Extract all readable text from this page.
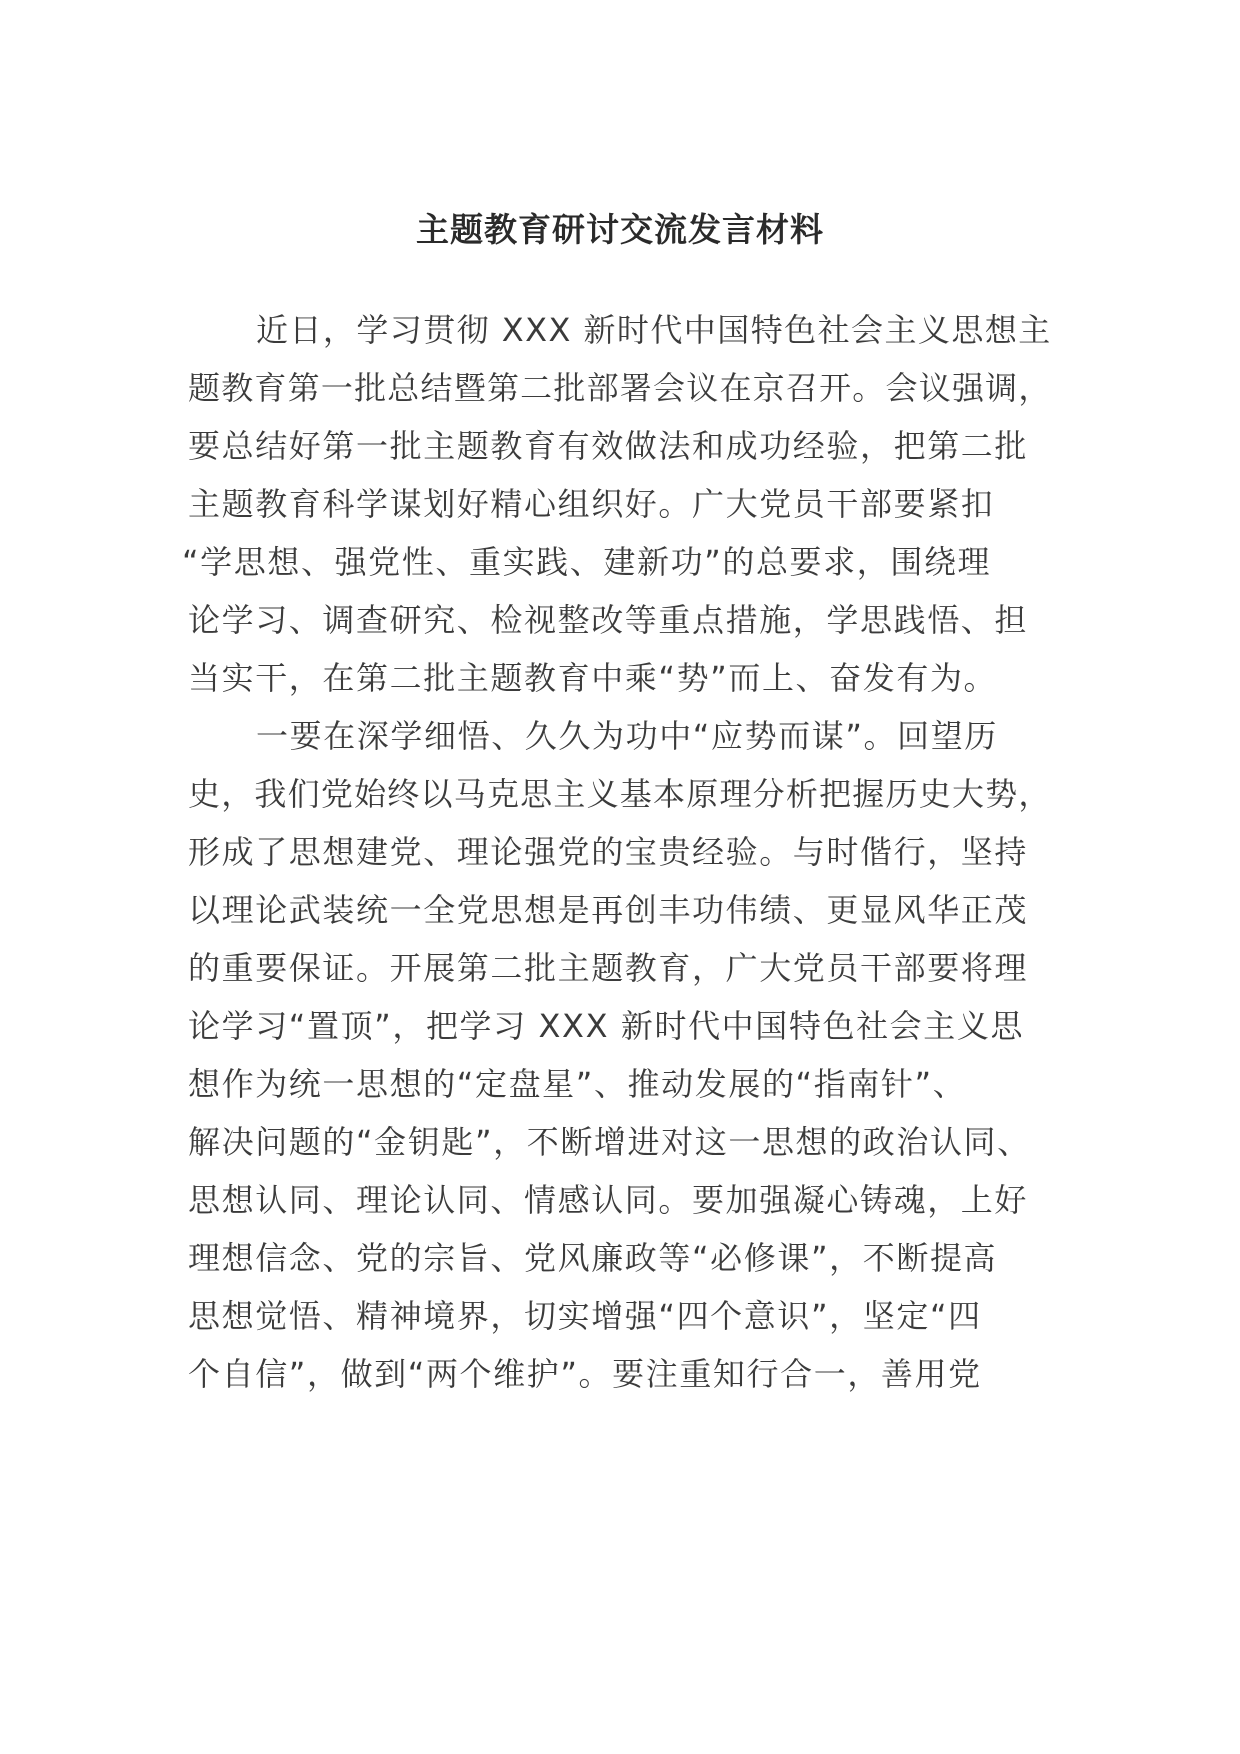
主题教育研讨交流发言材料
近日，学习贯彻 XXX 新时代中国特色社会主义思想主
题教育第一批总结暨第二批部署会议在京召开。会议强调，
要总结好第一批主题教育有效做法和成功经验，把第二批
主题教育科学谋划好精心组织好。广大党员干部要紧扣
“学思想、强党性、重实践、建新功”的总要求，围绕理
论学习、调查研究、检视整改等重点措施，学思践悟、担
当实干，在第二批主题教育中乘“势”而上、奋发有为。
一要在深学细悟、久久为功中“应势而谋”。回望历
史，我们党始终以马克思主义基本原理分析把握历史大势，
形成了思想建党、理论强党的宝贵经验。与时偕行，坚持
以理论武装统一全党思想是再创丰功伟绩、更显风华正茂
的重要保证。开展第二批主题教育，广大党员干部要将理
论学习“置顶”，把学习 XXX 新时代中国特色社会主义思
想作为统一思想的“定盘星”、推动发展的“指南针”、
解决问题的“金钥匙”，不断增进对这一思想的政治认同、
思想认同、理论认同、情感认同。要加强凝心铸魂，上好
理想信念、党的宗旨、党风廉政等“必修课”，不断提高
思想觉悟、精神境界，切实增强“四个意识”，坚定“四
个自信”，做到“两个维护”。要注重知行合一，善用党
